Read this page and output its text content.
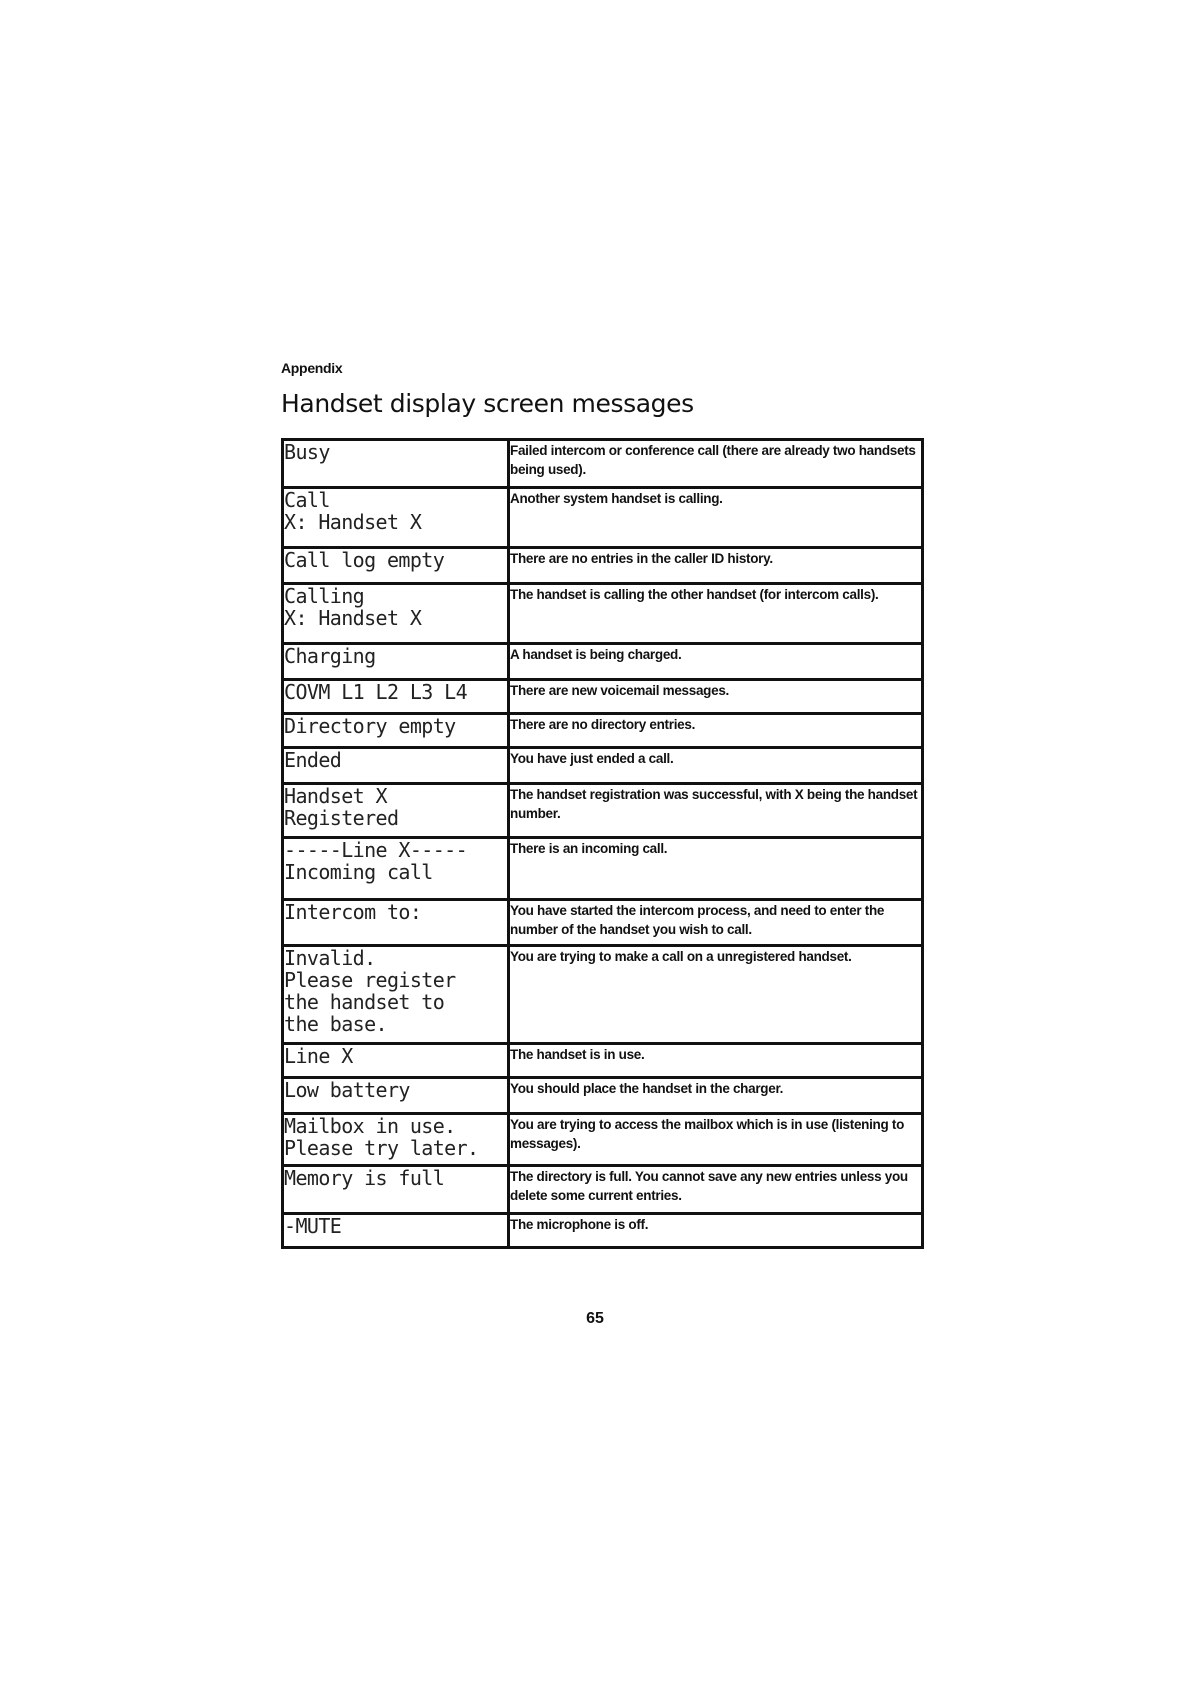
Appendix
Handset display screen messages
Busy	Failed intercom or conference call (there are already two handsets being used).

Call
X: Handset X	Another system handset is calling.

Call log empty	There are no entries in the caller ID history.

Calling
X: Handset X	The handset is calling the other handset (for intercom calls).

Charging	A handset is being charged.

COVM L1 L2 L3 L4	There are new voicemail messages.

Directory empty	There are no directory entries.

Ended	You have just ended a call.

Handset X
Registered	The handset registration was successful, with X being the handset number.

-----Line X-----
Incoming call	There is an incoming call.

Intercom to:	You have started the intercom process, and need to enter the number of the handset you wish to call.

Invalid.
Please register
the handset to
the base.	You are trying to make a call on a unregistered handset.

Line X	The handset is in use.

Low battery	You should place the handset in the charger.

Mailbox in use.
Please try later.	You are trying to access the mailbox which is in use (listening to messages).

Memory is full	The directory is full. You cannot save any new entries unless you delete some current entries.

-MUTE	The microphone is off.
65
